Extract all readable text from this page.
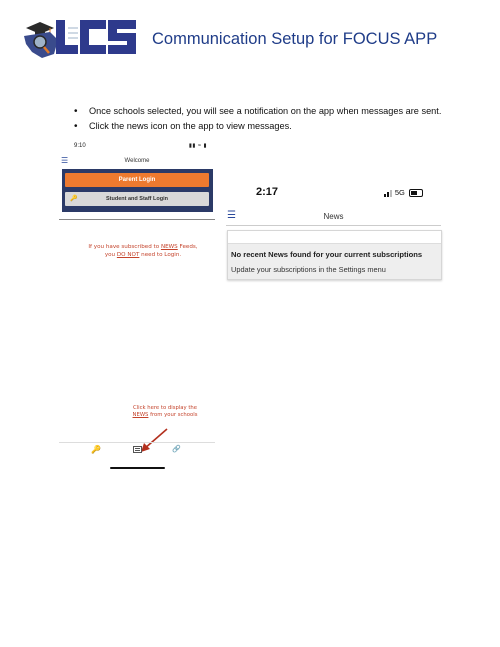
LCS
Communication Setup for FOCUS APP
• Once schools selected, you will see a notification on the app when messages are sent.
• Click the news icon on the app to view messages.
9:10	▮▮ ≈ ▮
☰	Welcome
Parent Login
🔑	Student and Staff Login
If you have subscribed to NEWS Feeds,
you DO NOT need to Login.
Click here to display the
NEWS from your schools
🔑	🔗
2:17	5G
☰	News
No recent News found for your current subscriptions
Update your subscriptions in the Settings menu
